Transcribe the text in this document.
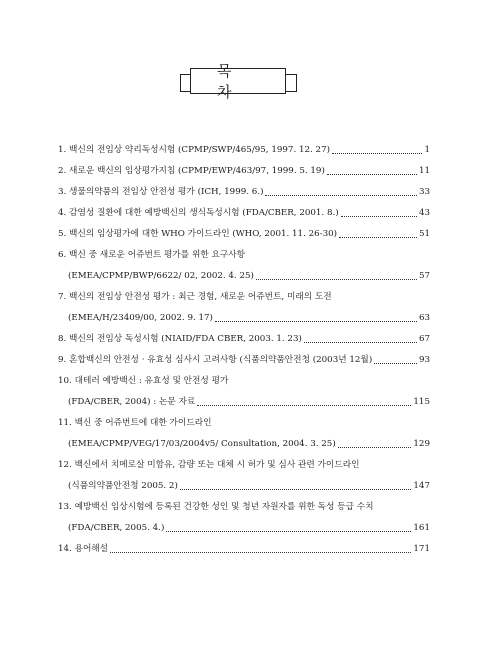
목 차
1. 백신의 전임상 약리독성시험 (CPMP/SWP/465/95, 1997. 12. 27)	1
2. 새로운 백신의 임상평가지침 (CPMP/EWP/463/97, 1999. 5. 19)	11
3. 생물의약품의 전임상 안전성 평가 (ICH, 1999. 6.)	33
4. 감염성 질환에 대한 예방백신의 생식독성시험 (FDA/CBER, 2001. 8.)	43
5. 백신의 임상평가에 대한 WHO 가이드라인 (WHO, 2001. 11. 26-30)	51
6. 백신 중 새로운 어쥬번트 평가를 위한 요구사항
(EMEA/CPMP/BWP/6622/ 02, 2002. 4. 25)	57
7. 백신의 전임상 안전성 평가 : 최근 경험, 새로운 어쥬번트, 미래의 도전
(EMEA/H/23409/00, 2002. 9. 17)	63
8. 백신의 전임상 독성시험 (NIAID/FDA CBER, 2003. 1. 23)	67
9. 혼합백신의 안전성 · 유효성 심사시 고려사항 (식품의약품안전청 (2003년 12월)	93
10. 대테러 예방백신 : 유효성 및 안전성 평가
(FDA/CBER, 2004) : 논문 자료	115
11. 백신 중 어쥬번트에 대한 가이드라인
(EMEA/CPMP/VEG/17/03/2004v5/ Consultation, 2004. 3. 25)	129
12. 백신에서 치메로살 미함유, 감량 또는 대체 시 허가 및 심사 관련 가이드라인
(식품의약품안전청 2005. 2)	147
13. 예방백신 임상시험에 등록된 건강한 성인 및 청년 자원자를 위한 독성 등급 수치
(FDA/CBER, 2005. 4.)	161
14. 용어해설	171
